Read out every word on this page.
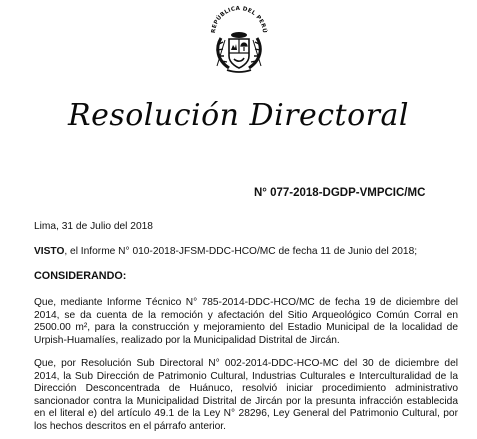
REPÚBLICA DEL PERÚ
Resolución Directoral
N° 077-2018-DGDP-VMPCIC/MC
Lima, 31 de Julio del 2018
VISTO, el Informe N° 010-2018-JFSM-DDC-HCO/MC de fecha 11 de Junio del 2018;
CONSIDERANDO:
Que, mediante Informe Técnico N° 785-2014-DDC-HCO/MC de fecha 19 de diciembre del 2014, se da cuenta de la remoción y afectación del Sitio Arqueológico Común Corral en 2500.00 m², para la construcción y mejoramiento del Estadio Municipal de la localidad de Urpish-Huamalíes, realizado por la Municipalidad Distrital de Jircán.
Que, por Resolución Sub Directoral N° 002-2014-DDC-HCO-MC del 30 de diciembre del 2014, la Sub Dirección de Patrimonio Cultural, Industrias Culturales e Interculturalidad de la Dirección Desconcentrada de Huánuco, resolvió iniciar procedimiento administrativo sancionador contra la Municipalidad Distrital de Jircán por la presunta infracción establecida en el literal e) del artículo 49.1 de la Ley N° 28296, Ley General del Patrimonio Cultural, por los hechos descritos en el párrafo anterior.
